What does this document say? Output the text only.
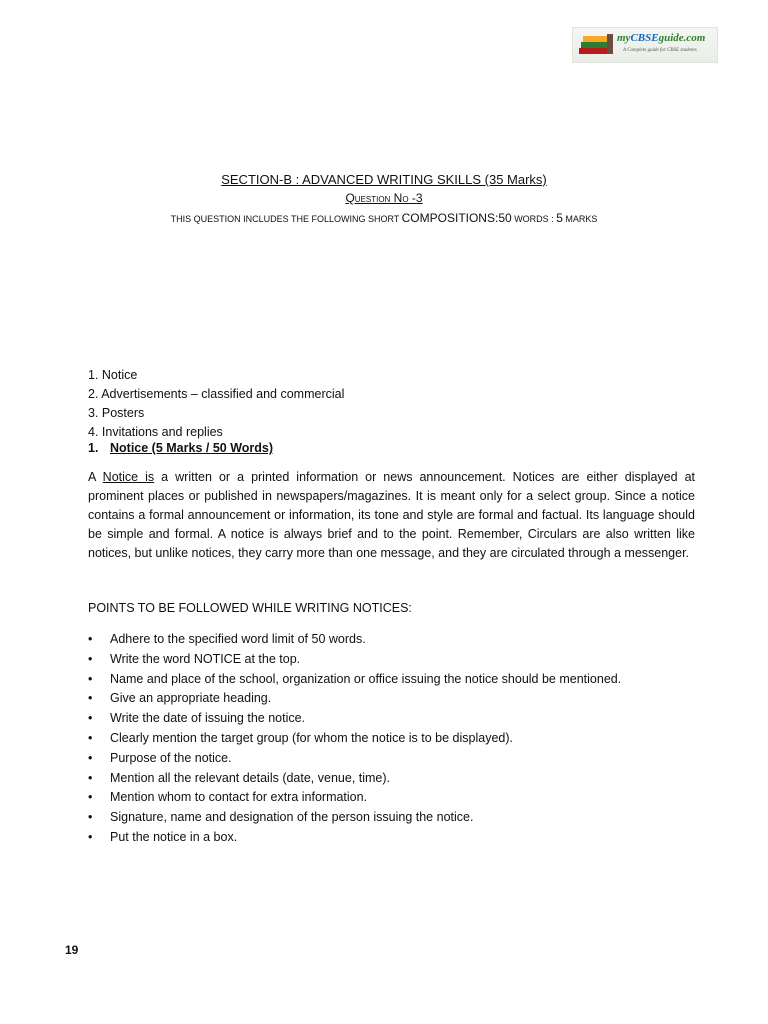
myCBSEguide.com
A Complete guide for CBSE students
SECTION-B : ADVANCED WRITING SKILLS (35 Marks)
Question No -3
THIS QUESTION INCLUDES THE FOLLOWING SHORT COMPOSITIONS:50 WORDS : 5 MARKS
1. Notice
2. Advertisements – classified and commercial
3. Posters
4. Invitations and replies
1. Notice (5 Marks / 50 Words)
A Notice is a written or a printed information or news announcement. Notices are either displayed at prominent places or published in newspapers/magazines. It is meant only for a select group. Since a notice contains a formal announcement or information, its tone and style are formal and factual. Its language should be simple and formal. A notice is always brief and to the point. Remember, Circulars are also written like notices, but unlike notices, they carry more than one message, and they are circulated through a messenger.
POINTS TO BE FOLLOWED WHILE WRITING NOTICES:
• Adhere to the specified word limit of 50 words.
• Write the word NOTICE at the top.
• Name and place of the school, organization or office issuing the notice should be mentioned.
• Give an appropriate heading.
• Write the date of issuing the notice.
• Clearly mention the target group (for whom the notice is to be displayed).
• Purpose of the notice.
• Mention all the relevant details (date, venue, time).
• Mention whom to contact for extra information.
• Signature, name and designation of the person issuing the notice.
• Put the notice in a box.
19
